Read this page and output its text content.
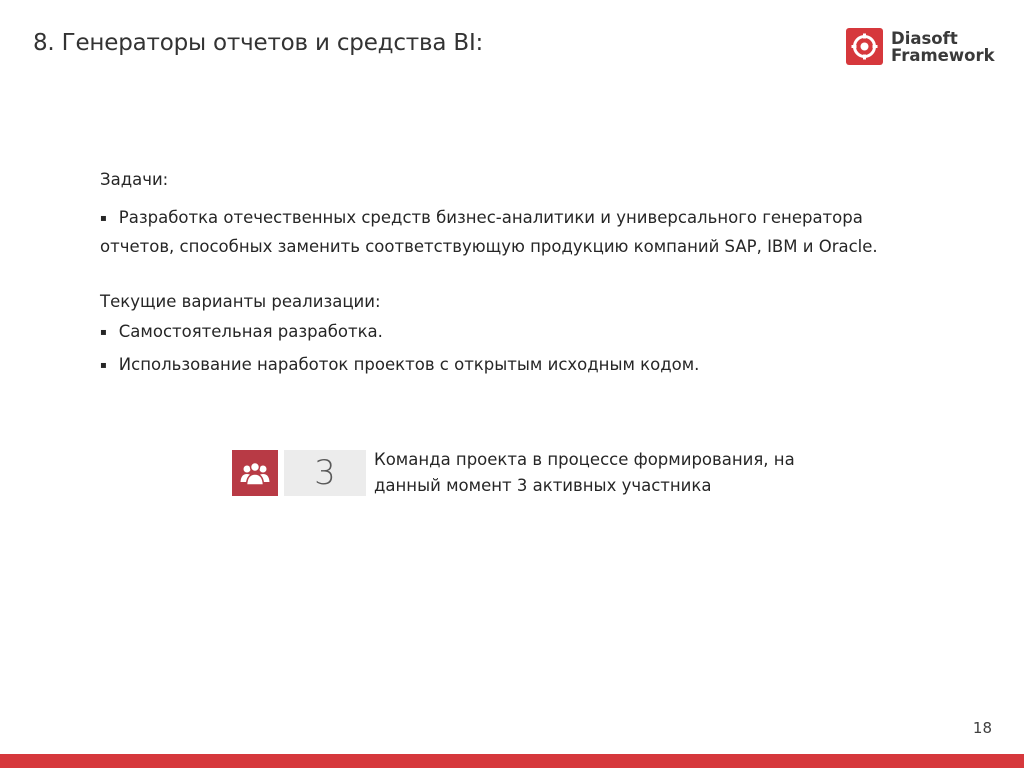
8. Генераторы отчетов и средства BI:	Diasoft
Framework
Задачи:
▪ Разработка отечественных средств бизнес-аналитики и универсального генератора
отчетов, способных заменить соответствующую продукцию компаний SAP, IBM и Oracle.
Текущие варианты реализации:
▪ Самостоятельная разработка.
▪ Использование наработок проектов с открытым исходным кодом.
3	Команда проекта в процессе формирования, на
данный момент 3 активных участника
18
